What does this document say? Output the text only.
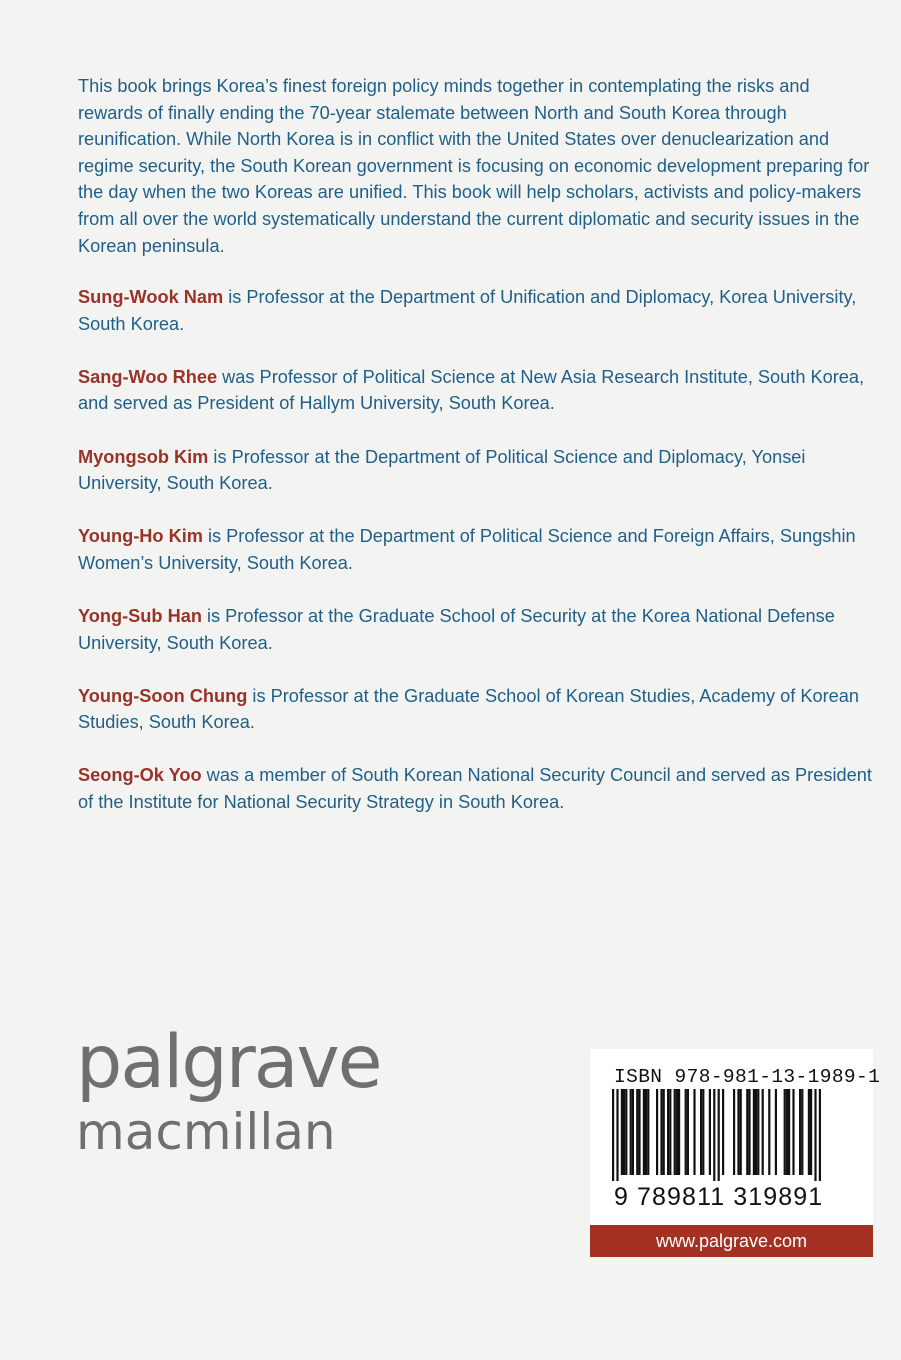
This book brings Korea’s finest foreign policy minds together in contemplating the risks and rewards of finally ending the 70-year stalemate between North and South Korea through reunification. While North Korea is in conflict with the United States over denuclearization and regime security, the South Korean government is focusing on economic development preparing for the day when the two Koreas are unified. This book will help scholars, activists and policy-makers from all over the world systematically understand the current diplomatic and security issues in the Korean peninsula.

Sung-Wook Nam is Professor at the Department of Unification and Diplomacy, Korea University, South Korea.

Sang-Woo Rhee was Professor of Political Science at New Asia Research Institute, South Korea, and served as President of Hallym University, South Korea.

Myongsob Kim is Professor at the Department of Political Science and Diplomacy, Yonsei University, South Korea.

Young-Ho Kim is Professor at the Department of Political Science and Foreign Affairs, Sungshin Women’s University, South Korea.

Yong-Sub Han is Professor at the Graduate School of Security at the Korea National Defense University, South Korea.

Young-Soon Chung is Professor at the Graduate School of Korean Studies, Academy of Korean Studies, South Korea.

Seong-Ok Yoo was a member of South Korean National Security Council and served as President of the Institute for National Security Strategy in South Korea.

palgrave
macmillan
ISBN 978-981-13-1989-1
9 789811 319891
www.palgrave.com
